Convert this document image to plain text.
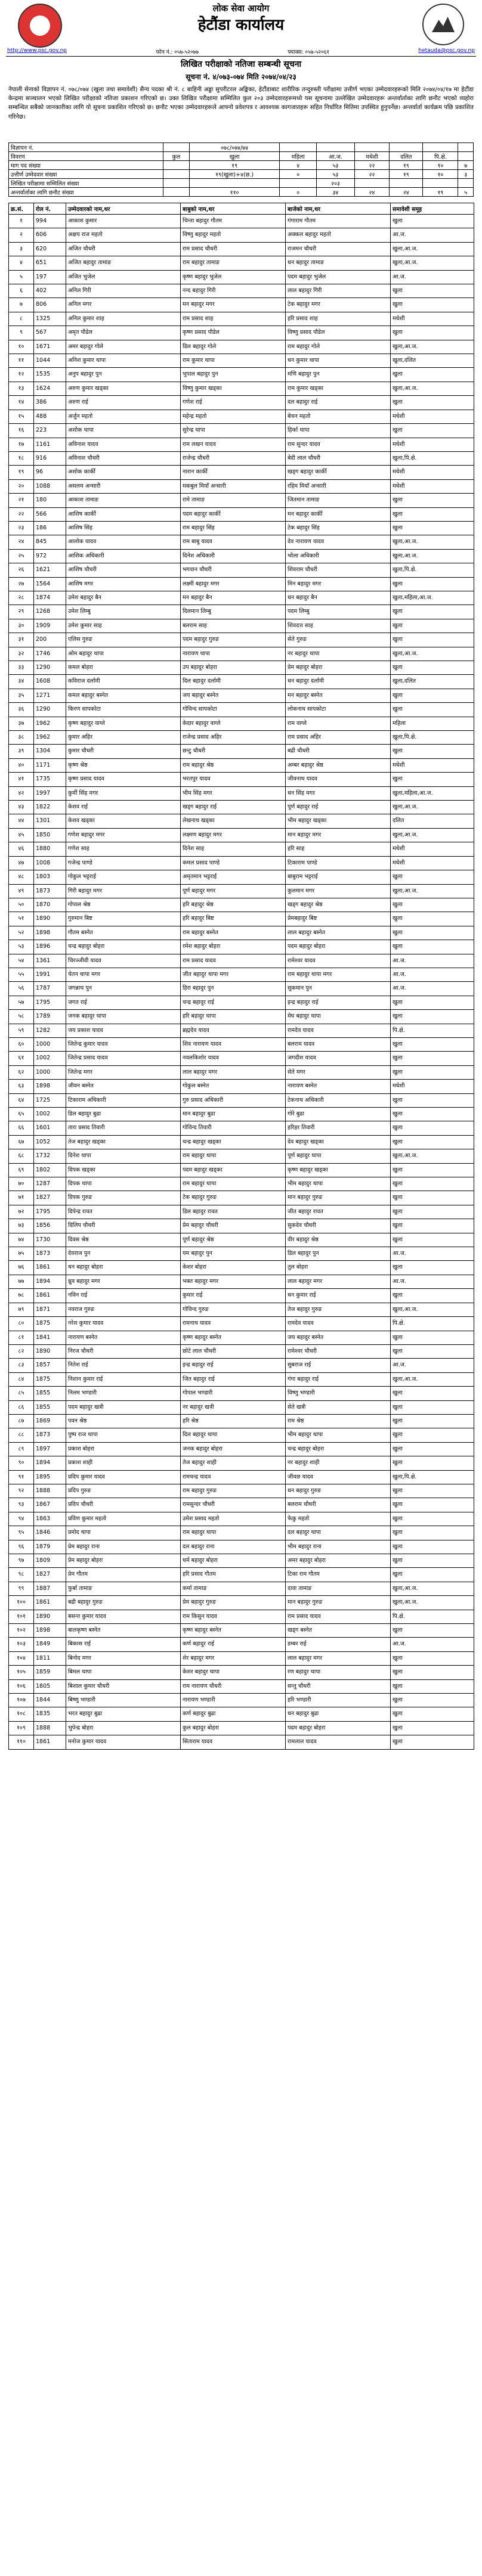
लोक सेवा आयोग
हेटौंडा कार्यालय
http://www.psc.gov.np	फोन नं.: ०५७-५२०७७	फ्याक्स: ०५७-५२०६१	hetauda@psc.gov.np
लिखित परीक्षाको नतिजा सम्बन्धी सूचना
सूचना नं. ४/०७३-०७४ मिति २०७४/०४/२३
नेपाली सेनाको विज्ञापन नं. ०७८/०७४ (खुला तथा समावेशी) सैन्य पदका श्री नं. ८ बाहिनी अड्डा सुपरीटरल अङ्किका, हेटौंडाबाट शारीरिक तन्दुरुस्ती परीक्षामा उत्तीर्ण भएका उम्मेदवारहरूको मिति २०७४/०४/१७ मा हेटौंडा केन्द्रमा सञ्चालन भएको लिखित परीक्षाको नतिजा प्रकाशन गरिएको छ। उक्त लिखित परीक्षामा सम्मिलित कुल २०३ उम्मेदवारहरूमध्ये यस सूचनामा उल्लेखित उम्मेदवारहरू अन्तर्वार्ताका लागि छनौट भएको व्यहोरा सम्बन्धित सबैको जानकारीका लागि यो सूचना प्रकाशित गरिएको छ। छनौट भएका उम्मेदवारहरूले आफ्नो प्रवेशपत्र र आवश्यक कागजातहरू सहित निर्धारित मितिमा उपस्थित हुनुपर्नेछ। अन्तर्वार्ता कार्यक्रम पछि प्रकाशित गरिनेछ।
विज्ञापन नं.		०७८/०७४/७४						
विवरण	कुल	खुला	महिला	आ.ज.	मधेशी	दलित	पि.क्षे.	
माग पद संख्या		१९	४	५३	२२	१९	१०	७
उत्तीर्ण उम्मेदवार संख्या		१९(खुला)+४(छ.)	०	५३	२२	१९	१०	३
लिखित परीक्षामा सम्मिलित संख्या				२०३				
अन्तर्वार्ताका लागि छनौट संख्या		११०	०	३४	२४	२४	१९	५
क्र.सं.	रोल नं.	उम्मेदवारको नाम,थर	बाबुको नाम,थर	बाजेको नाम,थर	समावेशी समूह
१	994	आकाश कुमार	चिन्ता बहादुर गौतम	गंगाराम गौतम	खुला
२	606	अक्षय राज महतो	विष्णु बहादुर महतो	अक्कल बहादुर महतो	आ.ज.
३	620	अजित चौधरी	राम प्रसाद चौधरी	राजमन चौधरी	खुला,आ.ज.
४	651	अजित बहादुर तामाङ	राम बहादुर तामाङ	धन बहादुर तामाङ	खुला,आ.ज.
५	197	अजित भुजेल	कृष्ण बहादुर भुजेल	पदम बहादुर भुजेल	आ.ज.
६	402	अनिल गिरी	नन्द बहादुर गिरी	लाल बहादुर गिरी	खुला
७	806	अनिल मगर	मन बहादुर मगर	टेक बहादुर मगर	खुला
८	1325	अनिल कुमार शाह	राम प्रसाद शाह	हरि प्रसाद शाह	मधेशी
९	567	अमृत पौडेल	कृष्ण प्रसाद पौडेल	विष्णु प्रसाद पौडेल	खुला
१०	1671	अमर बहादुर गोले	डिल बहादुर गोले	राम बहादुर गोले	खुला,आ.ज.
११	1044	अनिश कुमार थापा	राम कुमार थापा	धन कुमार थापा	खुला,दलित
१२	1535	अनुप बहादुर पुन	भुपाल बहादुर पुन	मणि बहादुर पुन	खुला
१३	1624	अरुण कुमार खड्का	विष्णु कुमार खड्का	राम कुमार खड्का	खुला,आ.ज.
१४	386	अरुण राई	गणेश राई	दल बहादुर राई	खुला
१५	488	अर्जुन महतो	महेन्द्र महतो	बेचन महतो	मधेशी
१६	223	अशोक थापा	सुरेन्द्र थापा	हिर्का थापा	खुला
१७	1161	अविनाश यादव	राम लखन यादव	राम सुन्दर यादव	मधेशी
१८	916	अविनाश चौधरी	राजेन्द्र चौधरी	बेदी लाल चौधरी	खुला,पि.क्षे.
१९	96	अशोक कार्की	नारान कार्की	खड्ग बहादुर कार्की	मधेशी
२०	1088	असलम अन्सारी	मकबुल मियाँ अन्सारी	रहिम मियाँ अन्सारी	मधेशी
२१	180	आकाश तामाङ	रामे तामाङ	जितमान तामाङ	खुला
२२	566	आशिष कार्की	पदम बहादुर कार्की	मन बहादुर कार्की	खुला
२३	186	आशिष सिंह	राम बहादुर सिंह	टेक बहादुर सिंह	खुला
२४	845	आलोक यादव	राम बाबु यादव	देव नारायण यादव	खुला,आ.ज.
२५	972	आशिक अधिकारी	दिनेश अधिकारी	भोला अधिकारी	खुला,आ.ज.
२६	1621	आशिष चौधरी	भगवान चौधरी	शिवराम चौधरी	खुला,पि.क्षे.
२७	1564	आशिष मगर	लक्ष्मी बहादुर मगर	मिन बहादुर मगर	खुला
२८	1874	उमेश बहादुर बैन	मन बहादुर बैन	धन बहादुर बैन	खुला,महिला,आ.ज.
२९	1268	उमेश लिम्बु	दिलमान लिम्बु	पदम लिम्बु	खुला
३०	1909	उमेश कुमार साह	बलराम साह	शिवदत्त साह	खुला
३१	200	एलिस गुरुङ	पदम बहादुर गुरुङ	सेते गुरुङ	खुला
३२	1746	ओम बहादुर थापा	नारायण थापा	नर बहादुर थापा	खुला,आ.ज.
३३	1290	कमल बोहरा	उप बहादुर बोहरा	प्रेम बहादुर बोहरा	खुला
३४	1608	कविराज दर्लामी	दिल बहादुर दर्लामी	धन बहादुर दर्लामी	खुला,दलित
३५	1271	कमल बहादुर बस्नेत	जय बहादुर बस्नेत	मन बहादुर बस्नेत	खुला
३६	1290	किरण सापकोटा	गोविन्द सापकोटा	लोकनाथ सापकोटा	खुला
३७	1962	कृष्ण बहादुर वाग्ले	केदार बहादुर वाग्ले	राम वाग्ले	महिला
३८	1962	कुमार अहिर	राजेन्द्र प्रसाद अहिर	राम प्रसाद अहिर	खुला,पि.क्षे.
३९	1304	कुमार चौधरी	छन्टु चौधरी	बद्री चौधरी	खुला
४०	1171	कृष्ण श्रेष्ठ	राम बहादुर श्रेष्ठ	अम्बर बहादुर श्रेष्ठ	मधेशी
४१	1735	कृष्ण प्रसाद यादव	भरतपुर यादव	जीवनाथ यादव	खुला
४२	1997	कुर्मी सिंह मगर	भीम सिंह मगर	धन सिंह मगर	खुला,महिला,आ.ज.
४३	1822	केशव राई	खड्ग बहादुर राई	पूर्ण बहादुर राई	खुला,आ.ज.
४४	1301	केशव खड्का	लेखनाथ खड्का	भीम बहादुर खड्का	दलित
४५	1850	गणेश बहादुर मगर	लक्ष्मण बहादुर मगर	मान बहादुर मगर	खुला,आ.ज.
४६	1880	गणेश साह	दिनेश साह	हरि साह	मधेशी
४७	1008	गजेन्द्र पाण्डे	कमल प्रसाद पाण्डे	टिकाराम पाण्डे	मधेशी
४८	1803	गोकुल भट्टराई	अमृतमान भट्टराई	बाबुराम भट्टराई	खुला
४९	1873	गिरी बहादुर मगर	पूर्ण बहादुर मगर	कुलमान मगर	खुला,आ.ज.
५०	1870	गोपाल श्रेष्ठ	हरि बहादुर श्रेष्ठ	खड्ग बहादुर श्रेष्ठ	खुला
५१	1890	गुरुमान बिष्ट	हरि बहादुर बिष्ट	प्रेमबहादुर बिष्ट	खुला
५२	1898	गौतम बस्नेत	राम बहादुर बस्नेत	लाल बहादुर बस्नेत	खुला
५३	1896	चन्द्र बहादुर बोहरा	रमेश बहादुर बोहरा	पदम बहादुर बोहरा	खुला
५४	1361	चिरञ्जीवी यादव	राम प्रसाद यादव	रामेश्वर यादव	आ.ज.
५५	1991	चेतन थापा मगर	जीत बहादुर थापा मगर	राम बहादुर थापा मगर	आ.ज.
५६	1787	जगन्नाथ पुन	हिरा बहादुर पुन	सुकमान पुन	आ.ज.
५७	1795	जगत राई	चन्द्र बहादुर राई	इन्द्र बहादुर राई	खुला
५८	1789	जनक बहादुर थापा	हरि बहादुर थापा	मेघ बहादुर थापा	खुला
५९	1282	जय प्रकाश यादव	ब्रह्मदेव यादव	रामदेव यादव	पि.क्षे.
६०	1000	जितेन्द्र कुमार यादव	शिव नारायण यादव	बलराम यादव	खुला
६१	1002	जितेन्द्र प्रसाद यादव	नवलकिशोर यादव	जगदीश यादव	खुला
६२	1000	जितेन्द्र मगर	लाल बहादुर मगर	सेते मगर	खुला
६३	1898	जीवन बस्नेत	गोकुल बस्नेत	नारायण बस्नेत	मधेशी
६४	1725	टिकाराम अधिकारी	गुरु प्रसाद अधिकारी	टेकनाथ अधिकारी	खुला
६५	1002	डिल बहादुर बुढा	मान बहादुर बुढा	गोरे बुढा	खुला
६६	1601	तारा प्रसाद तिवारी	गोविन्द तिवारी	हरिहर तिवारी	खुला
६७	1052	तेज बहादुर खड्का	चन्द्र बहादुर खड्का	देव बहादुर खड्का	खुला
६८	1732	दिनेश थापा	राम बहादुर थापा	पूर्ण बहादुर थापा	खुला,आ.ज.
६९	1802	दिपक खड्का	पदम बहादुर खड्का	कृष्ण बहादुर खड्का	खुला
७०	1287	दिपक थापा	राम बहादुर थापा	भीम बहादुर थापा	खुला
७१	1827	दिपक गुरुङ	टेक बहादुर गुरुङ	मान बहादुर गुरुङ	खुला
७२	1795	दिपेन्द्र रावत	डिल बहादुर रावत	जीत बहादुर रावत	खुला
७३	1856	दिलिप चौधरी	प्रेम बहादुर चौधरी	सुकदेव चौधरी	खुला
७४	1730	दिवस श्रेष्ठ	पूर्ण बहादुर श्रेष्ठ	वीर बहादुर श्रेष्ठ	खुला
७५	1873	देवराज पुन	यम बहादुर पुन	डिल बहादुर पुन	आ.ज.
७६	1861	धन बहादुर बोहरा	केशर बोहरा	तुल बोहरा	खुला
७७	1894	ध्रुव बहादुर मगर	भक्त बहादुर मगर	लाल बहादुर मगर	आ.ज.
७८	1861	नविन राई	कुमार राई	धन कुमार राई	खुला
७९	1871	नवराज गुरुङ	गोविन्द गुरुङ	तेज बहादुर गुरुङ	खुला,आ.ज.
८०	1875	नरेश कुमार यादव	रामनाथ यादव	रामदेव यादव	पि.क्षे.
८१	1841	नारायण बस्नेत	कृष्ण बहादुर बस्नेत	जय बहादुर बस्नेत	खुला
८२	1890	निरज चौधरी	छोटे लाल चौधरी	रामेश्वर चौधरी	खुला
८३	1857	नितेश राई	इन्द्र बहादुर राई	सुबराज राई	आ.ज.
८४	1875	निशान कुमार राई	जित बहादुर राई	गंगा बहादुर राई	खुला,आ.ज.
८५	1855	निलम भण्डारी	गोपाल भण्डारी	विष्णु भण्डारी	खुला
८६	1855	पदम बहादुर खत्री	नर बहादुर खत्री	सेते खत्री	खुला
८७	1869	पवन श्रेष्ठ	हरि श्रेष्ठ	राम श्रेष्ठ	खुला
८८	1873	पुष्प राज थापा	दिल बहादुर थापा	भीम बहादुर थापा	खुला
८९	1897	प्रकाश बोहरा	जनक बहादुर बोहरा	चन्द्र बहादुर बोहरा	खुला
९०	1894	प्रकाश शाही	तेज बहादुर शाही	नर बहादुर शाही	खुला
९१	1895	प्रदिप कुमार यादव	रामचन्द्र यादव	जीवछ यादव	खुला,पि.क्षे.
९२	1888	प्रदिप गुरुङ	राम बहादुर गुरुङ	धन बहादुर गुरुङ	खुला
९३	1867	प्रदिप चौधरी	रामसुन्दर चौधरी	बलराम चौधरी	खुला
९४	1863	प्रविण कुमार महतो	उमेश प्रसाद महतो	फेकु महतो	खुला
९५	1846	प्रमोद थापा	राम बहादुर थापा	दल बहादुर थापा	खुला
९६	1879	प्रेम बहादुर राना	दल बहादुर राना	भीम बहादुर राना	खुला
९७	1809	प्रेम बहादुर बोहरा	धर्म बहादुर बोहरा	अमर बहादुर बोहरा	खुला
९८	1827	प्रेम गौतम	हरि प्रसाद गौतम	टिका राम गौतम	खुला
९९	1887	फुर्बा तामाङ	कर्मा तामाङ	दावा तामाङ	खुला,आ.ज.
१००	1861	बद्री बहादुर गुरुङ	प्रेम बहादुर गुरुङ	मान बहादुर गुरुङ	खुला,आ.ज.
१०१	1890	बसन्त कुमार यादव	राम किसुन यादव	राम प्रसाद यादव	पि.क्षे.
१०२	1898	बालकृष्ण बस्नेत	कृष्ण बहादुर बस्नेत	खड्ग बस्नेत	खुला
१०३	1849	बिकास राई	कर्ण बहादुर राई	डम्बर राई	आ.ज.
१०४	1811	बिनोद मगर	शेर बहादुर मगर	लाल बहादुर मगर	खुला
१०५	1859	बिमल थापा	केशर बहादुर थापा	रण बहादुर थापा	खुला
१०६	1805	बिशाल कुमार चौधरी	राम नारायण चौधरी	सन्तु चौधरी	खुला
१०७	1844	बिष्णु भण्डारी	नारायण भण्डारी	हरि भण्डारी	खुला
१०८	1835	भरत बहादुर बुढा	कर्ण बहादुर बुढा	धन बहादुर बुढा	खुला
१०९	1888	भुपेन्द्र बोहरा	कुल बहादुर बोहरा	पदम बहादुर बोहरा	खुला
११०	1861	मनोज कुमार यादव	सिताराम यादव	रामलाल यादव	खुला
